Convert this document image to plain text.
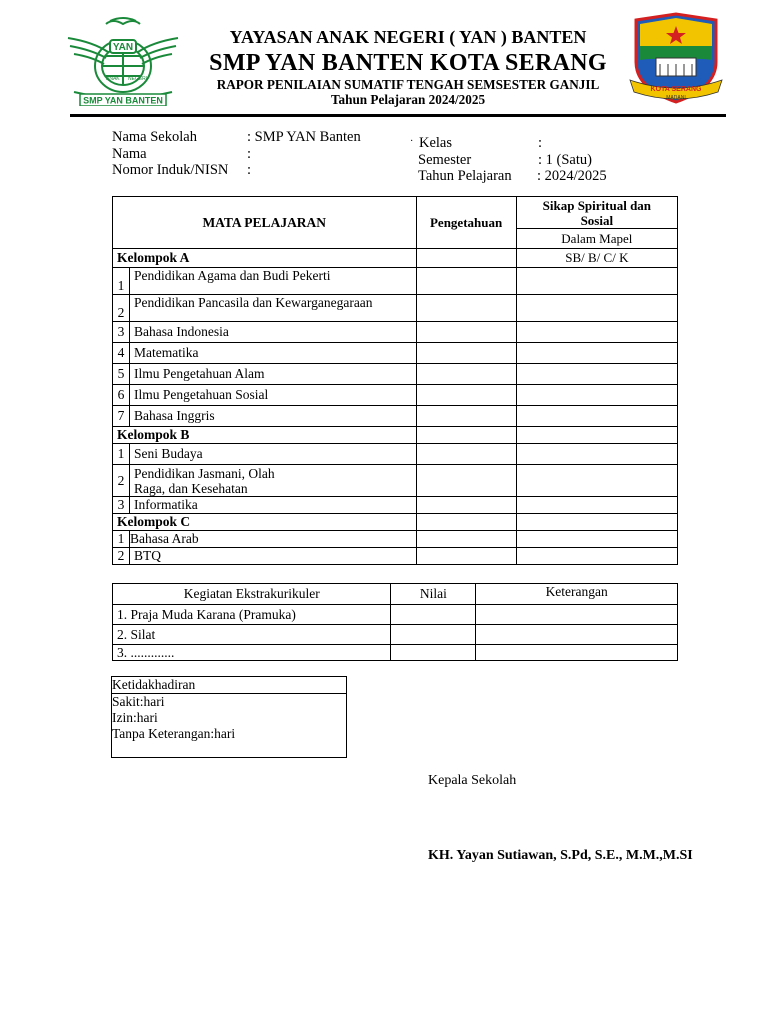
YAN
ANAK NEGERI
SMP YAN BANTEN
KOTA SERANG
MADANI
YAYASAN ANAK NEGERI ( YAN ) BANTEN
SMP YAN BANTEN KOTA SERANG
RAPOR PENILAIAN SUMATIF TENGAH SEMSESTER GANJIL
Tahun Pelajaran 2024/2025
Nama Sekolah	: SMP YAN Banten
Nama	:
Nomor Induk/NISN :
· Kelas	:
Semester	: 1 (Satu)
Tahun Pelajaran : 2024/2025
MATA PELAJARAN		Pengetahuan	Sikap Spiritual dan Sosial
			Dalam Mapel
Kelompok A			SB/ B/ C/ K
1	Pendidikan Agama dan Budi Pekerti		
2	Pendidikan Pancasila dan Kewarganegaraan		
3	Bahasa Indonesia		
4	Matematika		
5	Ilmu Pengetahuan Alam		
6	Ilmu Pengetahuan Sosial		
7	Bahasa Inggris		
Kelompok B			
1	Seni Budaya		
2	Pendidikan Jasmani, Olah Raga, dan Kesehatan		
3	Informatika		
Kelompok C			
1	Bahasa Arab		
2	BTQ		
Kegiatan Ekstrakurikuler	Nilai	Keterangan
1. Praja Muda Karana (Pramuka)		
2. Silat		
3. .............		
Ketidakhadiran
Sakit:hari
Izin:hari
Tanpa Keterangan:hari
Kepala Sekolah
KH. Yayan Sutiawan, S.Pd, S.E., M.M.,M.SI
